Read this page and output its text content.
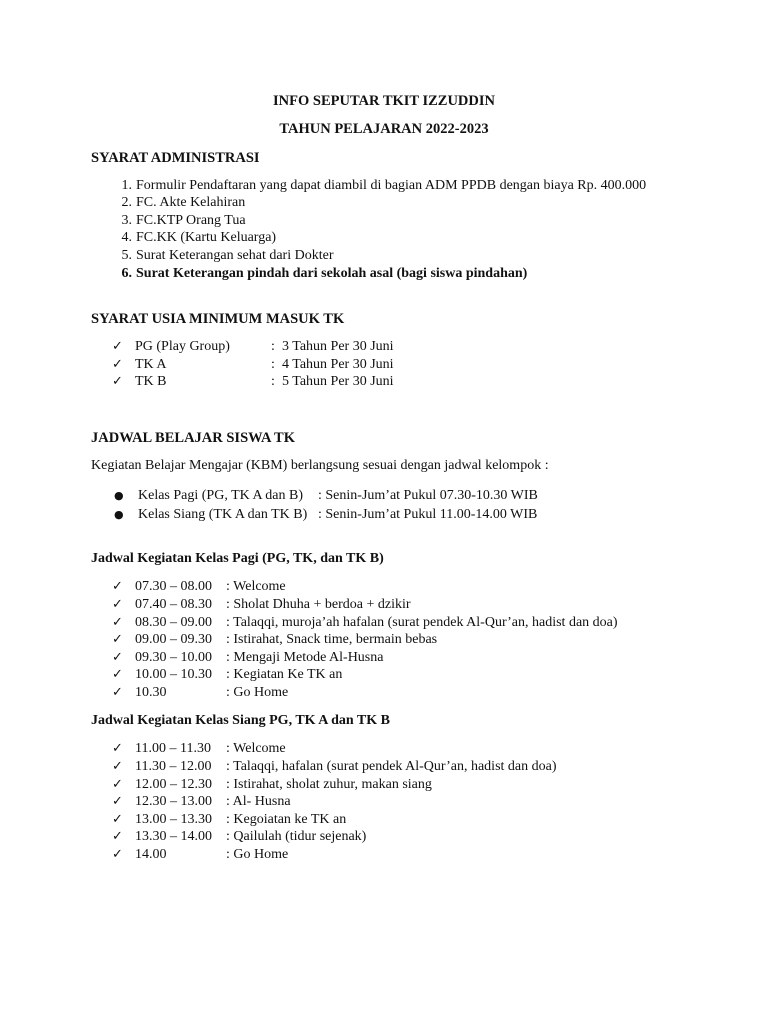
INFO SEPUTAR TKIT IZZUDDIN
TAHUN PELAJARAN 2022-2023
SYARAT ADMINISTRASI
1. Formulir Pendaftaran yang dapat diambil di bagian ADM PPDB dengan biaya Rp. 400.000
2. FC. Akte Kelahiran
3. FC.KTP Orang Tua
4. FC.KK (Kartu Keluarga)
5. Surat Keterangan sehat dari Dokter
6. Surat Keterangan pindah dari sekolah asal (bagi siswa pindahan)
SYARAT USIA MINIMUM MASUK TK
✓ PG (Play Group)	: 3 Tahun Per 30 Juni
✓ TK A	: 4 Tahun Per 30 Juni
✓ TK B	: 5 Tahun Per 30 Juni
JADWAL BELAJAR SISWA TK
Kegiatan Belajar Mengajar (KBM) berlangsung sesuai dengan jadwal kelompok :
● Kelas Pagi (PG, TK A dan B) : Senin-Jum’at Pukul 07.30-10.30 WIB
● Kelas Siang (TK A dan TK B) : Senin-Jum’at Pukul 11.00-14.00 WIB
Jadwal Kegiatan Kelas Pagi (PG, TK, dan TK B)
✓ 07.30 – 08.00 : Welcome
✓ 07.40 – 08.30 : Sholat Dhuha + berdoa + dzikir
✓ 08.30 – 09.00 : Talaqqi, muroja’ah hafalan (surat pendek Al-Qur’an, hadist dan doa)
✓ 09.00 – 09.30 : Istirahat, Snack time, bermain bebas
✓ 09.30 – 10.00 : Mengaji Metode Al-Husna
✓ 10.00 – 10.30 : Kegiatan Ke TK an
✓ 10.30	: Go Home
Jadwal Kegiatan Kelas Siang PG, TK A dan TK B
✓ 11.00 – 11.30 : Welcome
✓ 11.30 – 12.00 : Talaqqi, hafalan (surat pendek Al-Qur’an, hadist dan doa)
✓ 12.00 – 12.30 : Istirahat, sholat zuhur, makan siang
✓ 12.30 – 13.00 : Al- Husna
✓ 13.00 – 13.30 : Kegoiatan ke TK an
✓ 13.30 – 14.00 : Qailulah (tidur sejenak)
✓ 14.00	: Go Home
